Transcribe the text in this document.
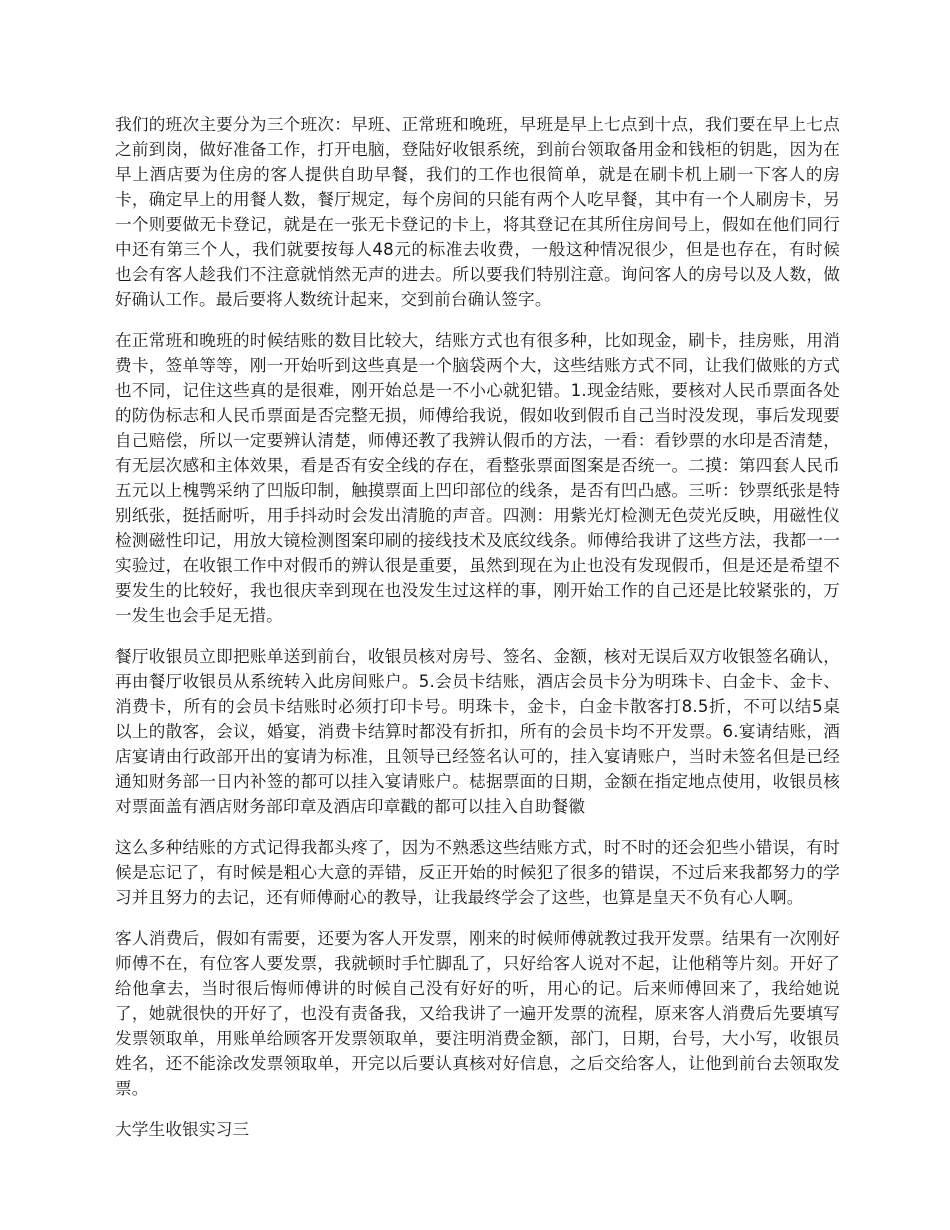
我们的班次主要分为三个班次：早班、正常班和晚班，早班是早上七点到十点，我们要在早上七点之前到岗，做好准备工作，打开电脑，登陆好收银系统，到前台领取备用金和钱柜的钥匙，因为在早上酒店要为住房的客人提供自助早餐，我们的工作也很简单，就是在刷卡机上刷一下客人的房卡，确定早上的用餐人数，餐厅规定，每个房间的只能有两个人吃早餐，其中有一个人刷房卡，另一个则要做无卡登记，就是在一张无卡登记的卡上，将其登记在其所住房间号上，假如在他们同行中还有第三个人，我们就要按每人48元的标准去收费，一般这种情况很少，但是也存在，有时候也会有客人趁我们不注意就悄然无声的进去。所以要我们特别注意。询问客人的房号以及人数，做好确认工作。最后要将人数统计起来，交到前台确认签字。

在正常班和晚班的时候结账的数目比较大，结账方式也有很多种，比如现金，刷卡，挂房账，用消费卡，签单等等，刚一开始听到这些真是一个脑袋两个大，这些结账方式不同，让我们做账的方式也不同，记住这些真的是很难，刚开始总是一不小心就犯错。1.现金结账，要核对人民币票面各处的防伪标志和人民币票面是否完整无损，师傅给我说，假如收到假币自己当时没发现，事后发现要自己赔偿，所以一定要辨认清楚，师傅还教了我辨认假币的方法，一看：看钞票的水印是否清楚，有无层次感和主体效果，看是否有安全线的存在，看整张票面图案是否统一。二摸：第四套人民币五元以上槐鹗采纳了凹版印制，触摸票面上凹印部位的线条，是否有凹凸感。三听：钞票纸张是特别纸张，挺括耐听，用手抖动时会发出清脆的声音。四测：用紫光灯检测无色荧光反映，用磁性仪检测磁性印记，用放大镜检测图案印刷的接线技术及底纹线条。师傅给我讲了这些方法，我都一一实验过，在收银工作中对假币的辨认很是重要，虽然到现在为止也没有发现假币，但是还是希望不要发生的比较好，我也很庆幸到现在也没发生过这样的事，刚开始工作的自己还是比较紧张的，万一发生也会手足无措。

餐厅收银员立即把账单送到前台，收银员核对房号、签名、金额，核对无误后双方收银签名确认，再由餐厅收银员从系统转入此房间账户。5.会员卡结账，酒店会员卡分为明珠卡、白金卡、金卡、消费卡，所有的会员卡结账时必须打印卡号。明珠卡，金卡，白金卡散客打8.5折，不可以结5桌以上的散客，会议，婚宴，消费卡结算时都没有折扣，所有的会员卡均不开发票。6.宴请结账，酒店宴请由行政部开出的宴请为标准，且领导已经签名认可的，挂入宴请账户，当时未签名但是已经通知财务部一日内补签的都可以挂入宴请账户。梽据票面的日期，金额在指定地点使用，收银员核对票面盖有酒店财务部印章及酒店印章戳的都可以挂入自助餐徽

这么多种结账的方式记得我都头疼了，因为不熟悉这些结账方式，时不时的还会犯些小错误，有时候是忘记了，有时候是粗心大意的弄错，反正开始的时候犯了很多的错误，不过后来我都努力的学习并且努力的去记，还有师傅耐心的教导，让我最终学会了这些，也算是皇天不负有心人啊。

客人消费后，假如有需要，还要为客人开发票，刚来的时候师傅就教过我开发票。结果有一次刚好师傅不在，有位客人要发票，我就顿时手忙脚乱了，只好给客人说对不起，让他稍等片刻。开好了给他拿去，当时很后悔师傅讲的时候自己没有好好的听，用心的记。后来师傅回来了，我给她说了，她就很快的开好了，也没有责备我，又给我讲了一遍开发票的流程，原来客人消费后先要填写发票领取单，用账单给顾客开发票领取单，要注明消费金额，部门，日期，台号，大小写，收银员姓名，还不能涂改发票领取单，开完以后要认真核对好信息，之后交给客人，让他到前台去领取发票。

大学生收银实习三
